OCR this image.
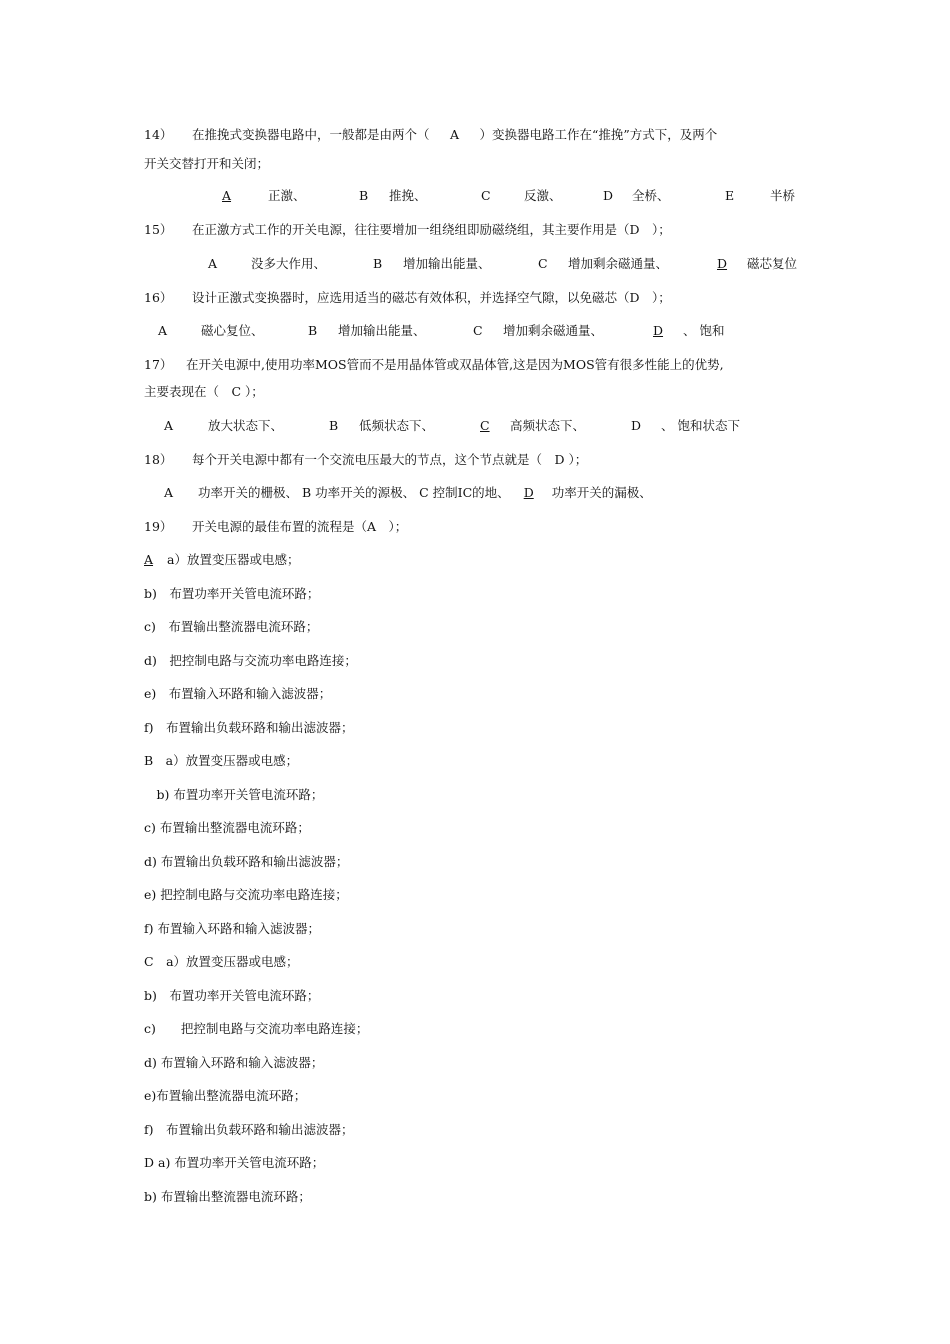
14） 在推挽式变换器电路中，一般都是由两个（ A ）变换器电路工作在“推挽”方式下，及两个
开关交替打开和关闭；
A	正激、	B 推挽、	C	反激、	D 全桥、	E	半桥
15） 在正激方式工作的开关电源，往往要增加一组绕组即励磁绕组，其主要作用是（D　）；
A	没多大作用、	B 增加输出能量、	C 增加剩余磁通量、	D 磁芯复位
16） 设计正激式变换器时，应选用适当的磁芯有效体积，并选择空气隙，以免磁芯（D　）；
A	磁心复位、	B 增加输出能量、	C 增加剩余磁通量、	D 、 饱和
17） 在开关电源中,使用功率MOS管而不是用晶体管或双晶体管,这是因为MOS管有很多性能上的优势,
主要表现在（　C ）；
A	放大状态下、	B 低频状态下、	C 高频状态下、	D 、 饱和状态下
18） 每个开关电源中都有一个交流电压最大的节点，这个节点就是（　D ）；
A　　功率开关的栅极、 B 功率开关的源极、 C 控制IC的地、 D 功率开关的漏极、
19） 开关电源的最佳布置的流程是（A　）；
A a）放置变压器或电感；
b)　布置功率开关管电流环路；
c)　布置输出整流器电流环路；
d)　把控制电路与交流功率电路连接；
e)　布置输入环路和输入滤波器；
f)　布置输出负载环路和输出滤波器；
B　a）放置变压器或电感；
　b) 布置功率开关管电流环路；
c) 布置输出整流器电流环路；
d) 布置输出负载环路和输出滤波器；
e) 把控制电路与交流功率电路连接；
f) 布置输入环路和输入滤波器；
C　a）放置变压器或电感；
b)　布置功率开关管电流环路；
c)　　把控制电路与交流功率电路连接；
d) 布置输入环路和输入滤波器；
e)布置输出整流器电流环路；
f)　布置输出负载环路和输出滤波器；
D a) 布置功率开关管电流环路；
b) 布置输出整流器电流环路；
